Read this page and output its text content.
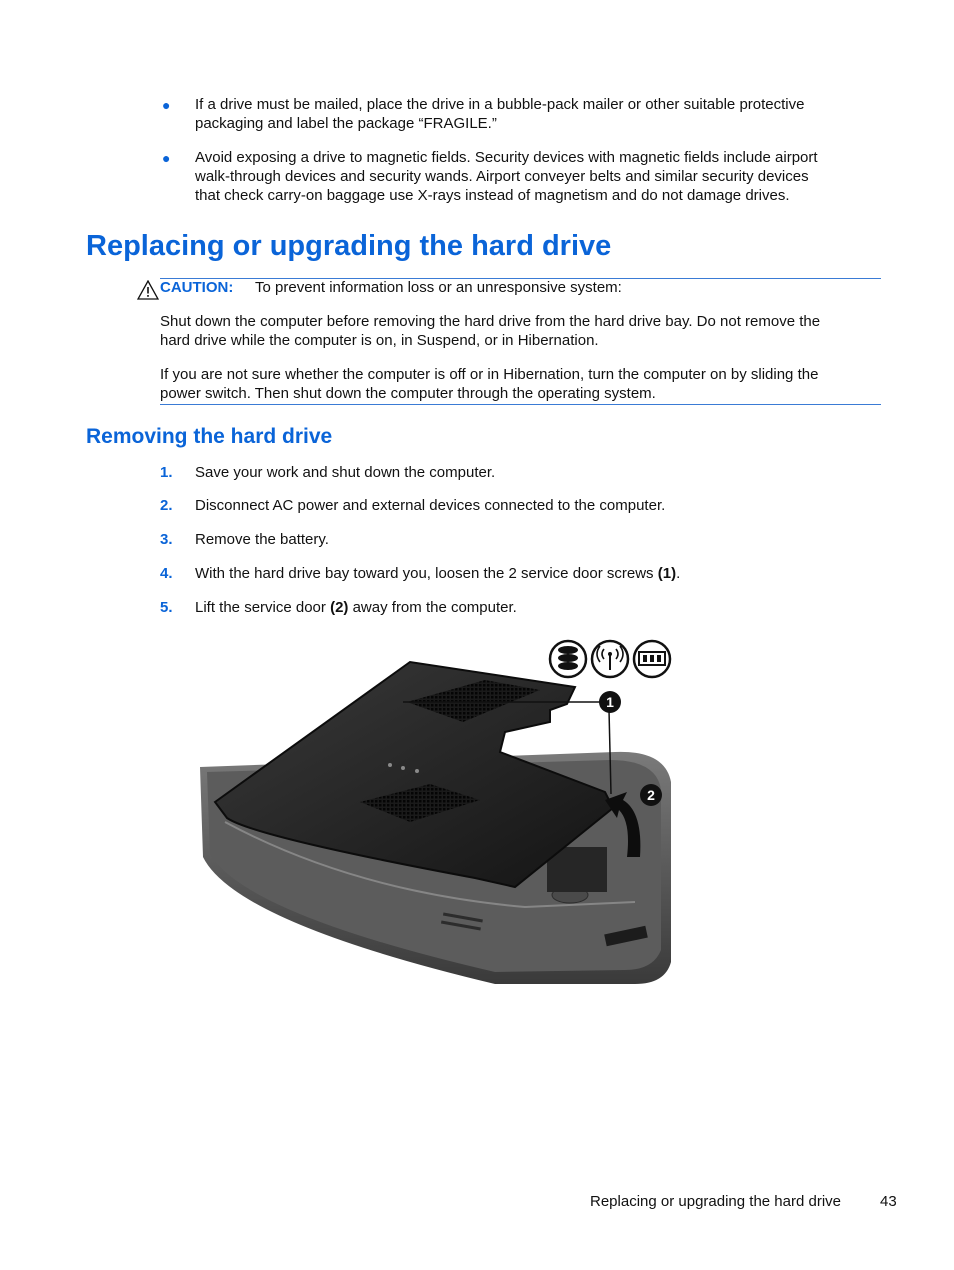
● If a drive must be mailed, place the drive in a bubble-pack mailer or other suitable protective
packaging and label the package “FRAGILE.”
● Avoid exposing a drive to magnetic fields. Security devices with magnetic fields include airport
walk-through devices and security wands. Airport conveyer belts and similar security devices
that check carry-on baggage use X-rays instead of magnetism and do not damage drives.
Replacing or upgrading the hard drive
CAUTION: To prevent information loss or an unresponsive system:
Shut down the computer before removing the hard drive from the hard drive bay. Do not remove the
hard drive while the computer is on, in Suspend, or in Hibernation.
If you are not sure whether the computer is off or in Hibernation, turn the computer on by sliding the
power switch. Then shut down the computer through the operating system.
Removing the hard drive
1. Save your work and shut down the computer.
2. Disconnect AC power and external devices connected to the computer.
3. Remove the battery.
4. With the hard drive bay toward you, loosen the 2 service door screws (1).
5. Lift the service door (2) away from the computer.
1
2
Replacing or upgrading the hard drive	43
